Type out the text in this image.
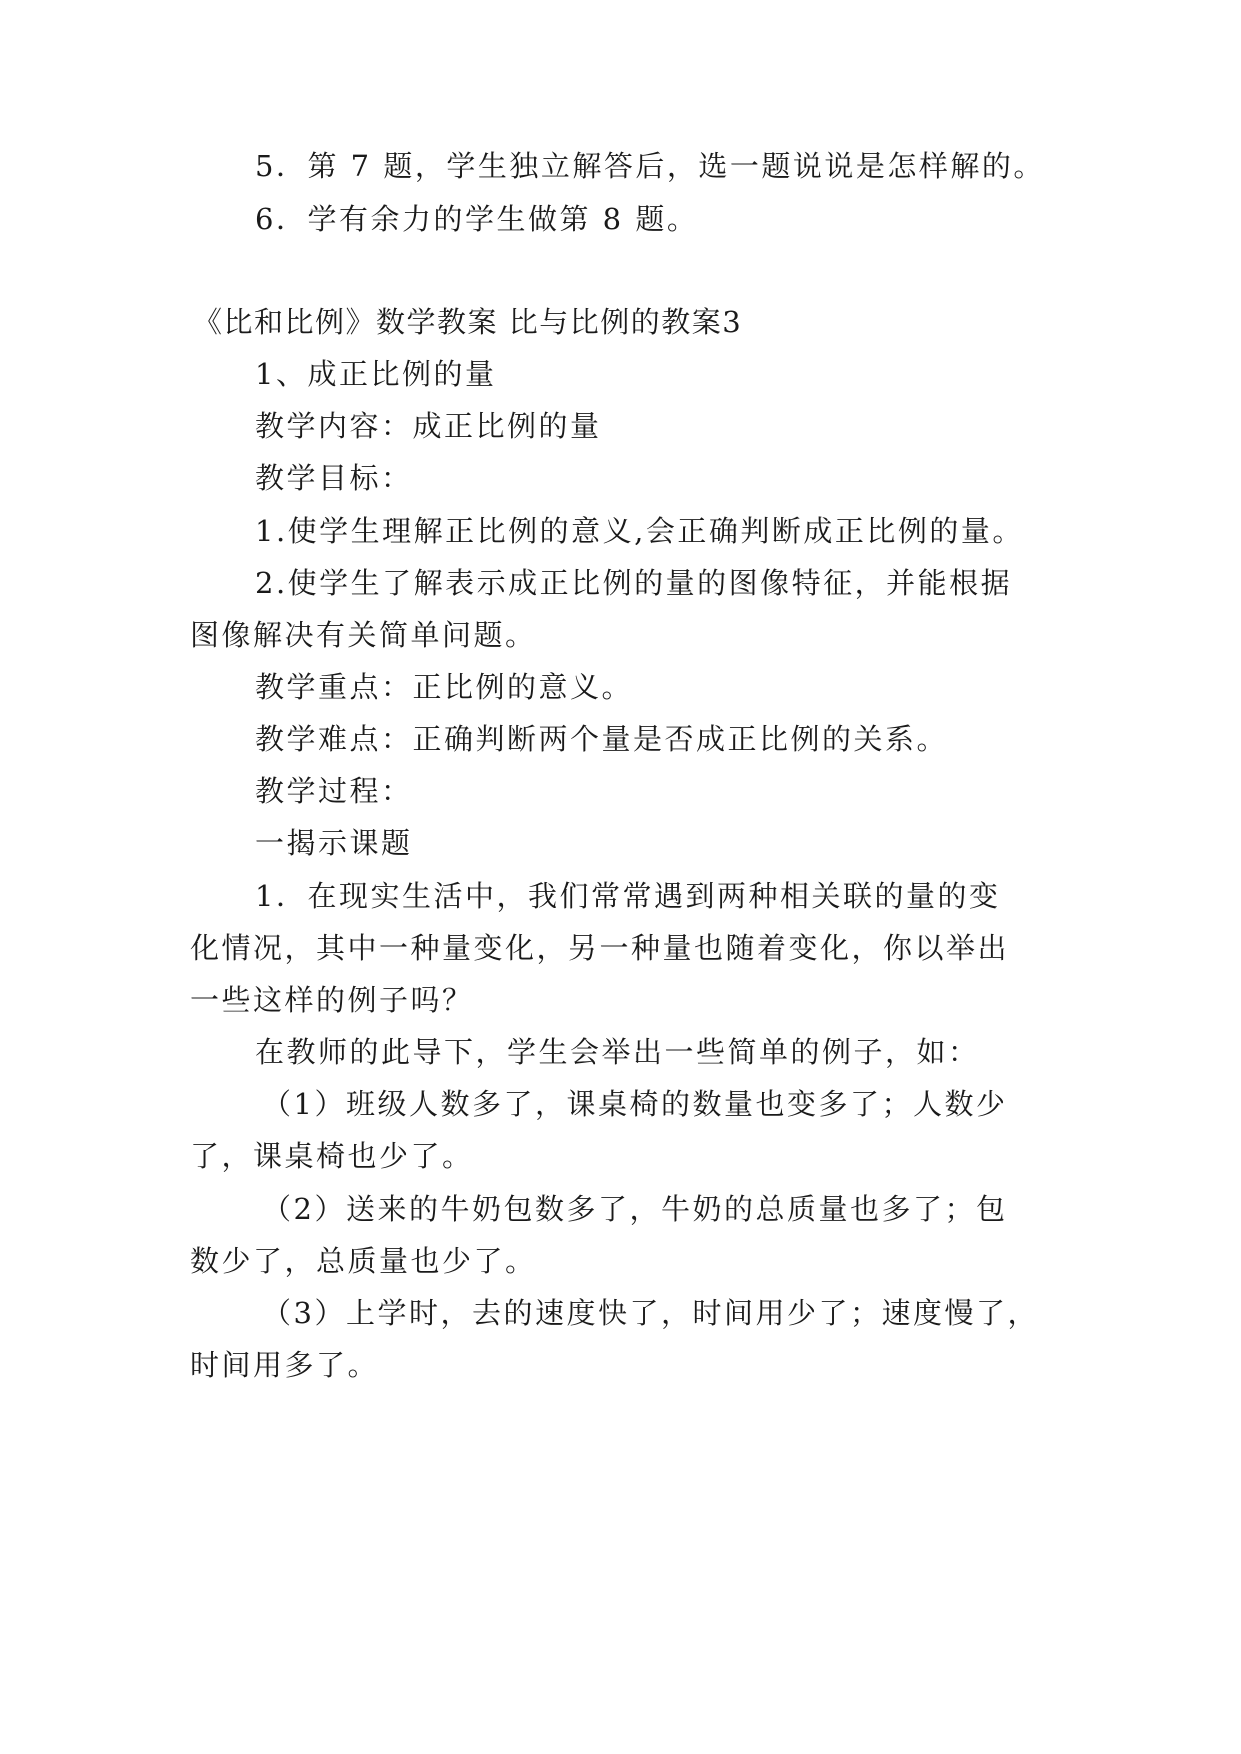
5．第 7 题，学生独立解答后，选一题说说是怎样解的。
6．学有余力的学生做第 8 题。
《比和比例》数学教案 比与比例的教案3
1、成正比例的量
教学内容：成正比例的量
教学目标：
1.使学生理解正比例的意义,会正确判断成正比例的量。
2.使学生了解表示成正比例的量的图像特征，并能根据
图像解决有关简单问题。
教学重点：正比例的意义。
教学难点：正确判断两个量是否成正比例的关系。
教学过程：
一揭示课题
1．在现实生活中，我们常常遇到两种相关联的量的变
化情况，其中一种量变化，另一种量也随着变化，你以举出
一些这样的例子吗？
在教师的此导下，学生会举出一些简单的例子，如：
（1）班级人数多了，课桌椅的数量也变多了；人数少
了，课桌椅也少了。
（2）送来的牛奶包数多了，牛奶的总质量也多了；包
数少了，总质量也少了。
（3）上学时，去的速度快了，时间用少了；速度慢了，
时间用多了。
